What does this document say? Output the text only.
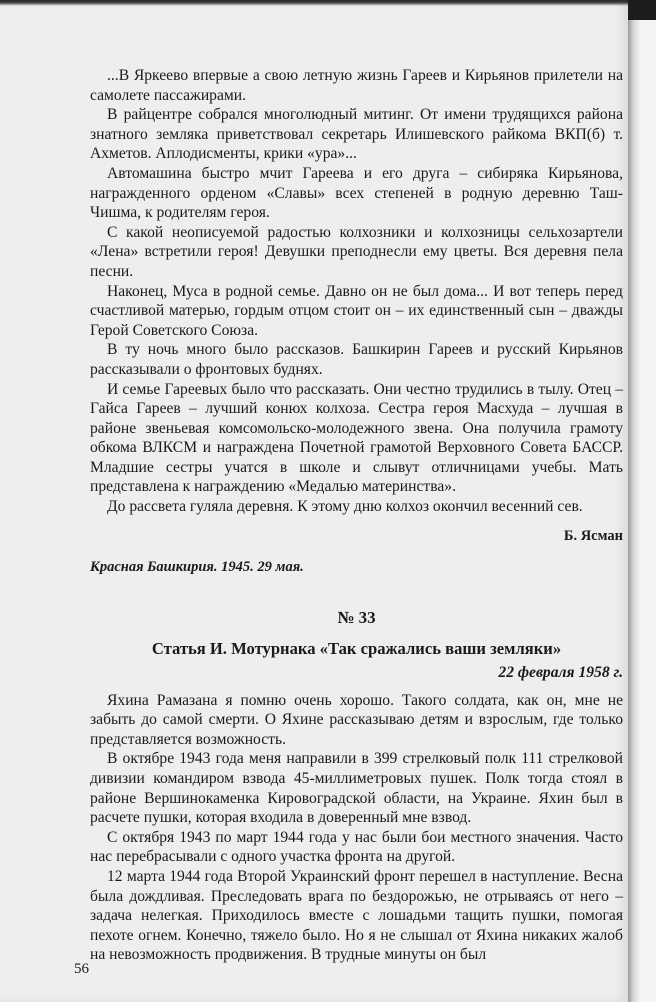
...В Яркеево впервые а свою летную жизнь Гареев и Кирьянов прилетели на самолете пассажирами.

В райцентре собрался многолюдный митинг. От имени трудящихся района знатного земляка приветствовал секретарь Илишевского райкома ВКП(б) т. Ахметов. Аплодисменты, крики «ура»...

Автомашина быстро мчит Гареева и его друга – сибиряка Кирьянова, награжденного орденом «Славы» всех степеней в родную деревню Таш-Чишма, к родителям героя.

С какой неописуемой радостью колхозники и колхозницы сельхозартели «Лена» встретили героя! Девушки преподнесли ему цветы. Вся деревня пела песни.

Наконец, Муса в родной семье. Давно он не был дома... И вот теперь перед счастливой матерью, гордым отцом стоит он – их единственный сын – дважды Герой Советского Союза.

В ту ночь много было рассказов. Башкирин Гареев и русский Кирьянов рассказывали о фронтовых буднях.

И семье Гареевых было что рассказать. Они честно трудились в тылу. Отец – Гайса Гареев – лучший конюх колхоза. Сестра героя Масхуда – лучшая в районе звеньевая комсомольско-молодежного звена. Она получила грамоту обкома ВЛКСМ и награждена Почетной грамотой Верховного Совета БАССР. Младшие сестры учатся в школе и слывут отличницами учебы. Мать представлена к награждению «Медалью материнства».

До рассвета гуляла деревня. К этому дню колхоз окончил весенний сев.

Б. Ясман
Красная Башкирия. 1945. 29 мая.
№ 33
Статья И. Мотурнака «Так сражались ваши земляки»
22 февраля 1958 г.

Яхина Рамазана я помню очень хорошо. Такого солдата, как он, мне не забыть до самой смерти. О Яхине рассказываю детям и взрослым, где только представляется возможность.

В октябре 1943 года меня направили в 399 стрелковый полк 111 стрелковой дивизии командиром взвода 45-миллиметровых пушек. Полк тогда стоял в районе Вершинокаменка Кировоградской области, на Украине. Яхин был в расчете пушки, которая входила в доверенный мне взвод.

С октября 1943 по март 1944 года у нас были бои местного значения. Часто нас перебрасывали с одного участка фронта на другой.

12 марта 1944 года Второй Украинский фронт перешел в наступление. Весна была дождливая. Преследовать врага по бездорожью, не отрываясь от него – задача нелегкая. Приходилось вместе с лошадьми тащить пушки, помогая пехоте огнем. Конечно, тяжело было. Но я не слышал от Яхина никаких жалоб на невозможность продвижения. В трудные минуты он был

56
